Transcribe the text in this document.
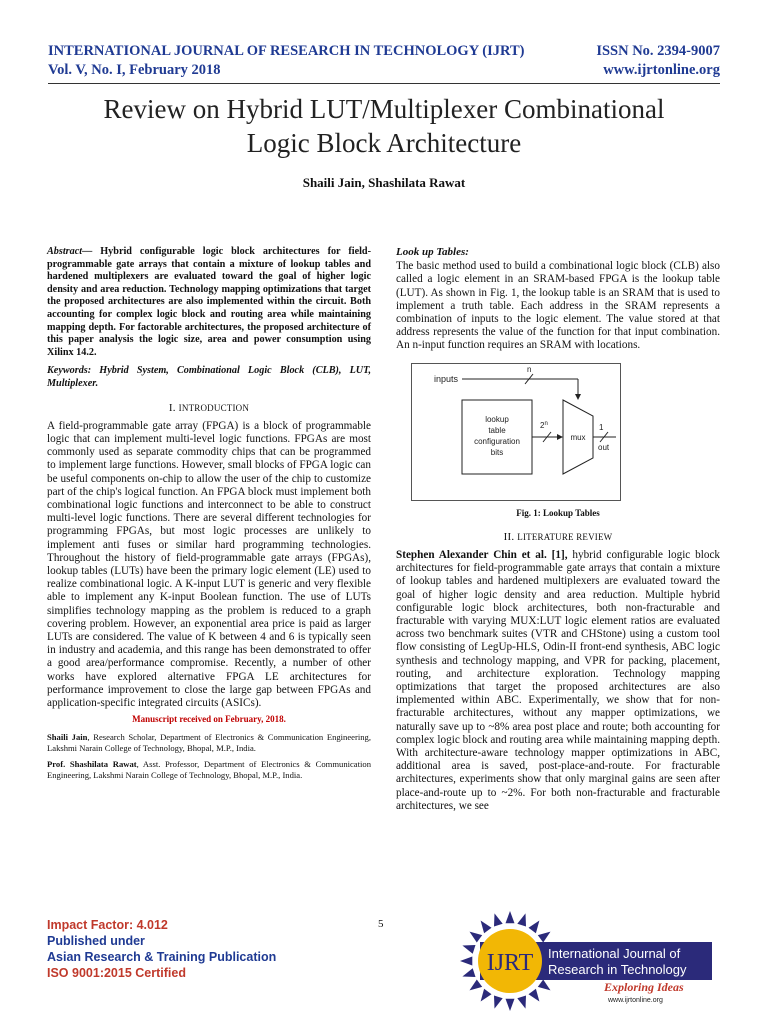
INTERNATIONAL JOURNAL OF RESEARCH IN TECHNOLOGY (IJRT)	ISSN No. 2394-9007
Vol. V, No. I, February 2018	www.ijrtonline.org
Review on Hybrid LUT/Multiplexer Combinational
Logic Block Architecture
Shaili Jain, Shashilata Rawat

Abstract— Hybrid configurable logic block architectures for field-programmable gate arrays that contain a mixture of lookup tables and hardened multiplexers are evaluated toward the goal of higher logic density and area reduction. Technology mapping optimizations that target the proposed architectures are also implemented within the circuit. Both accounting for complex logic block and routing area while maintaining mapping depth. For factorable architectures, the proposed architecture of this paper analysis the logic size, area and power consumption using Xilinx 14.2.

Keywords: Hybrid System, Combinational Logic Block (CLB), LUT, Multiplexer.

I. INTRODUCTION

A field-programmable gate array (FPGA) is a block of programmable logic that can implement multi-level logic functions. FPGAs are most commonly used as separate commodity chips that can be programmed to implement large functions. However, small blocks of FPGA logic can be useful components on-chip to allow the user of the chip to customize part of the chip's logical function. An FPGA block must implement both combinational logic functions and interconnect to be able to construct multi-level logic functions. There are several different technologies for programming FPGAs, but most logic processes are unlikely to implement anti fuses or similar hard programming technologies. Throughout the history of field-programmable gate arrays (FPGAs), lookup tables (LUTs) have been the primary logic element (LE) used to realize combinational logic. A K-input LUT is generic and very flexible able to implement any K-input Boolean function. The use of LUTs simplifies technology mapping as the problem is reduced to a graph covering problem. However, an exponential area price is paid as larger LUTs are considered. The value of K between 4 and 6 is typically seen in industry and academia, and this range has been demonstrated to offer a good area/performance compromise. Recently, a number of other works have explored alternative FPGA LE architectures for performance improvement to close the large gap between FPGAs and application-specific integrated circuits (ASICs).

Manuscript received on February, 2018.

Shaili Jain, Research Scholar, Department of Electronics & Communication Engineering, Lakshmi Narain College of Technology, Bhopal, M.P., India.

Prof. Shashilata Rawat, Asst. Professor, Department of Electronics & Communication Engineering, Lakshmi Narain College of Technology, Bhopal, M.P., India.

Look up Tables:

The basic method used to build a combinational logic block (CLB) also called a logic element in an SRAM-based FPGA is the lookup table (LUT). As shown in Fig. 1, the lookup table is an SRAM that is used to implement a truth table. Each address in the SRAM represents a combination of inputs to the logic element. The value stored at that address represents the value of the function for that input combination. An n-input function requires an SRAM with locations.

inputs
n
lookup
table
configuration
bits
2$^n$
mux
1
out
Fig. 1: Lookup Tables
II. LITERATURE REVIEW

Stephen Alexander Chin et al. [1], hybrid configurable logic block architectures for field-programmable gate arrays that contain a mixture of lookup tables and hardened multiplexers are evaluated toward the goal of higher logic density and area reduction. Multiple hybrid configurable logic block architectures, both non-fracturable and fracturable with varying MUX:LUT logic element ratios are evaluated across two benchmark suites (VTR and CHStone) using a custom tool flow consisting of LegUp-HLS, Odin-II front-end synthesis, ABC logic synthesis and technology mapping, and VPR for packing, placement, routing, and architecture exploration. Technology mapping optimizations that target the proposed architectures are also implemented within ABC. Experimentally, we show that for non-fracturable architectures, without any mapper optimizations, we naturally save up to ~8% area post place and route; both accounting for complex logic block and routing area while maintaining mapping depth. With architecture-aware technology mapper optimizations in ABC, additional area is saved, post-place-and-route. For fracturable architectures, experiments show that only marginal gains are seen after place-and-route up to ~2%. For both non-fracturable and fracturable architectures, we see

Impact Factor: 4.012
Published under
Asian Research & Training Publication
ISO 9001:2015 Certified
5
IJRT International Journal of
Research in Technology
Exploring Ideas
www.ijrtonline.org
